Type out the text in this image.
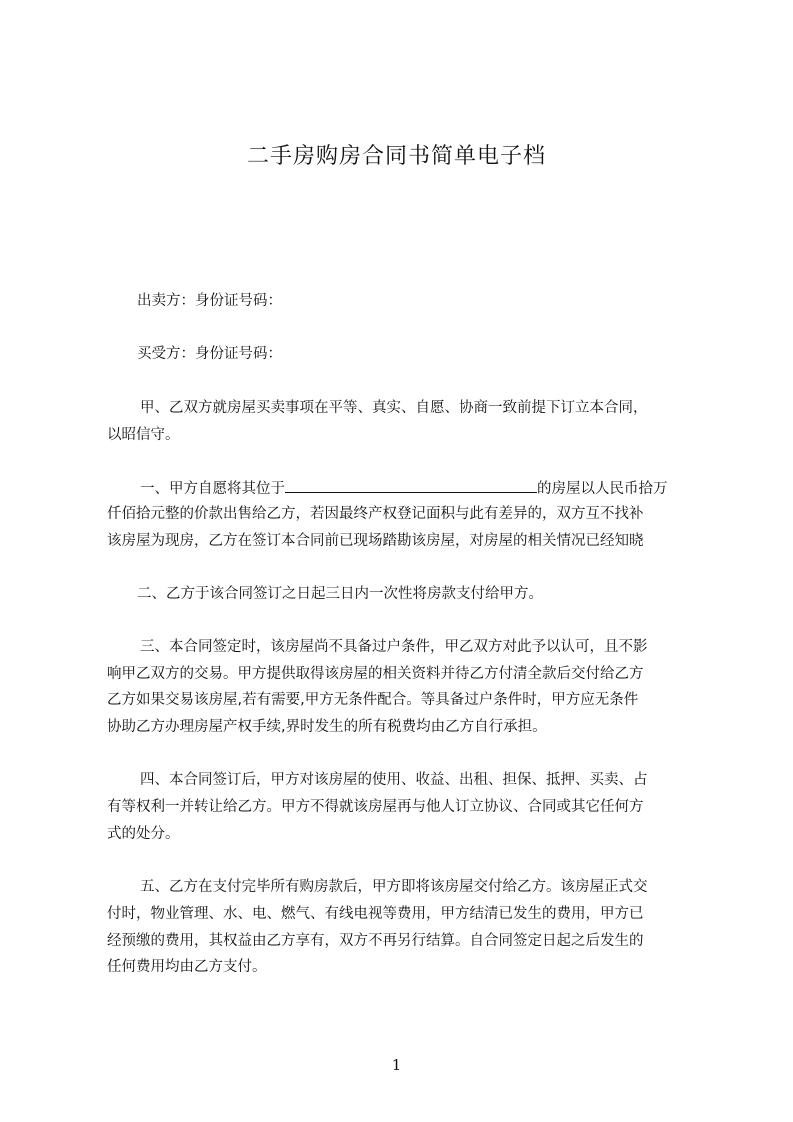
二手房购房合同书简单电子档
出卖方：身份证号码：
买受方：身份证号码：
甲、乙双方就房屋买卖事项在平等、真实、自愿、协商一致前提下订立本合同，
以昭信守。
一、甲方自愿将其位于	的房屋以人民币拾万
仟佰拾元整的价款出售给乙方，若因最终产权登记面积与此有差异的，双方互不找补
该房屋为现房，乙方在签订本合同前已现场踏勘该房屋，对房屋的相关情况已经知晓
二、乙方于该合同签订之日起三日内一次性将房款支付给甲方。
三、本合同签定时，该房屋尚不具备过户条件，甲乙双方对此予以认可，且不影
响甲乙双方的交易。甲方提供取得该房屋的相关资料并待乙方付清全款后交付给乙方
乙方如果交易该房屋,若有需要,甲方无条件配合。等具备过户条件时，甲方应无条件
协助乙方办理房屋产权手续,界时发生的所有税费均由乙方自行承担。
四、本合同签订后，甲方对该房屋的使用、收益、出租、担保、抵押、买卖、占
有等权利一并转让给乙方。甲方不得就该房屋再与他人订立协议、合同或其它任何方
式的处分。
五、乙方在支付完毕所有购房款后，甲方即将该房屋交付给乙方。该房屋正式交
付时，物业管理、水、电、燃气、有线电视等费用，甲方结清已发生的费用，甲方已
经预缴的费用，其权益由乙方享有，双方不再另行结算。自合同签定日起之后发生的
任何费用均由乙方支付。
1
